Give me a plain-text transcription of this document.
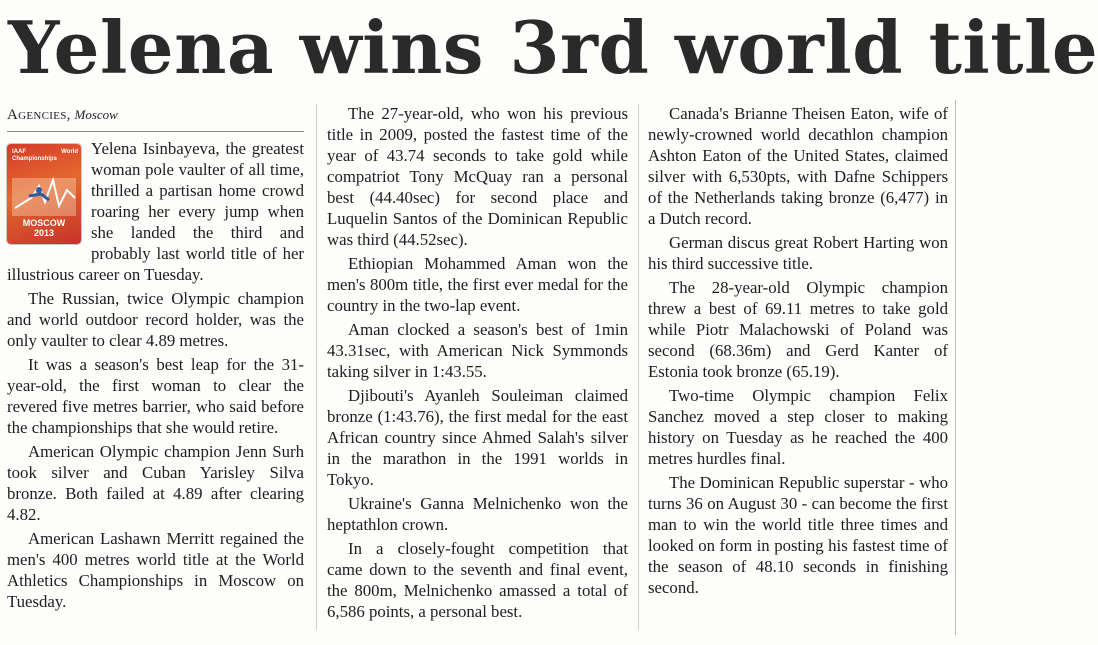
Yelena wins 3rd world title
Agencies, Moscow
IAAF World Championships
MOSCOW 2013

Yelena Isinbayeva, the greatest woman pole vaulter of all time, thrilled a partisan home crowd roaring her every jump when she landed the third and probably last world title of her illustrious career on Tuesday.

The Russian, twice Olympic champion and world outdoor record holder, was the only vaulter to clear 4.89 metres.

It was a season's best leap for the 31-year-old, the first woman to clear the revered five metres barrier, who said before the championships that she would retire.

American Olympic champion Jenn Surh took silver and Cuban Yarisley Silva bronze. Both failed at 4.89 after clearing 4.82.

American Lashawn Merritt regained the men's 400 metres world title at the World Athletics Championships in Moscow on Tuesday.

The 27-year-old, who won his previous title in 2009, posted the fastest time of the year of 43.74 seconds to take gold while compatriot Tony McQuay ran a personal best (44.40sec) for second place and Luquelin Santos of the Dominican Republic was third (44.52sec).

Ethiopian Mohammed Aman won the men's 800m title, the first ever medal for the country in the two-lap event.

Aman clocked a season's best of 1min 43.31sec, with American Nick Symmonds taking silver in 1:43.55.

Djibouti's Ayanleh Souleiman claimed bronze (1:43.76), the first medal for the east African country since Ahmed Salah's silver in the marathon in the 1991 worlds in Tokyo.

Ukraine's Ganna Melnichenko won the heptathlon crown.

In a closely-fought competition that came down to the seventh and final event, the 800m, Melnichenko amassed a total of 6,586 points, a personal best.

Canada's Brianne Theisen Eaton, wife of newly-crowned world decathlon champion Ashton Eaton of the United States, claimed silver with 6,530pts, with Dafne Schippers of the Netherlands taking bronze (6,477) in a Dutch record.

German discus great Robert Harting won his third successive title.

The 28-year-old Olympic champion threw a best of 69.11 metres to take gold while Piotr Malachowski of Poland was second (68.36m) and Gerd Kanter of Estonia took bronze (65.19).

Two-time Olympic champion Felix Sanchez moved a step closer to making history on Tuesday as he reached the 400 metres hurdles final.

The Dominican Republic superstar - who turns 36 on August 30 - can become the first man to win the world title three times and looked on form in posting his fastest time of the season of 48.10 seconds in finishing second.
